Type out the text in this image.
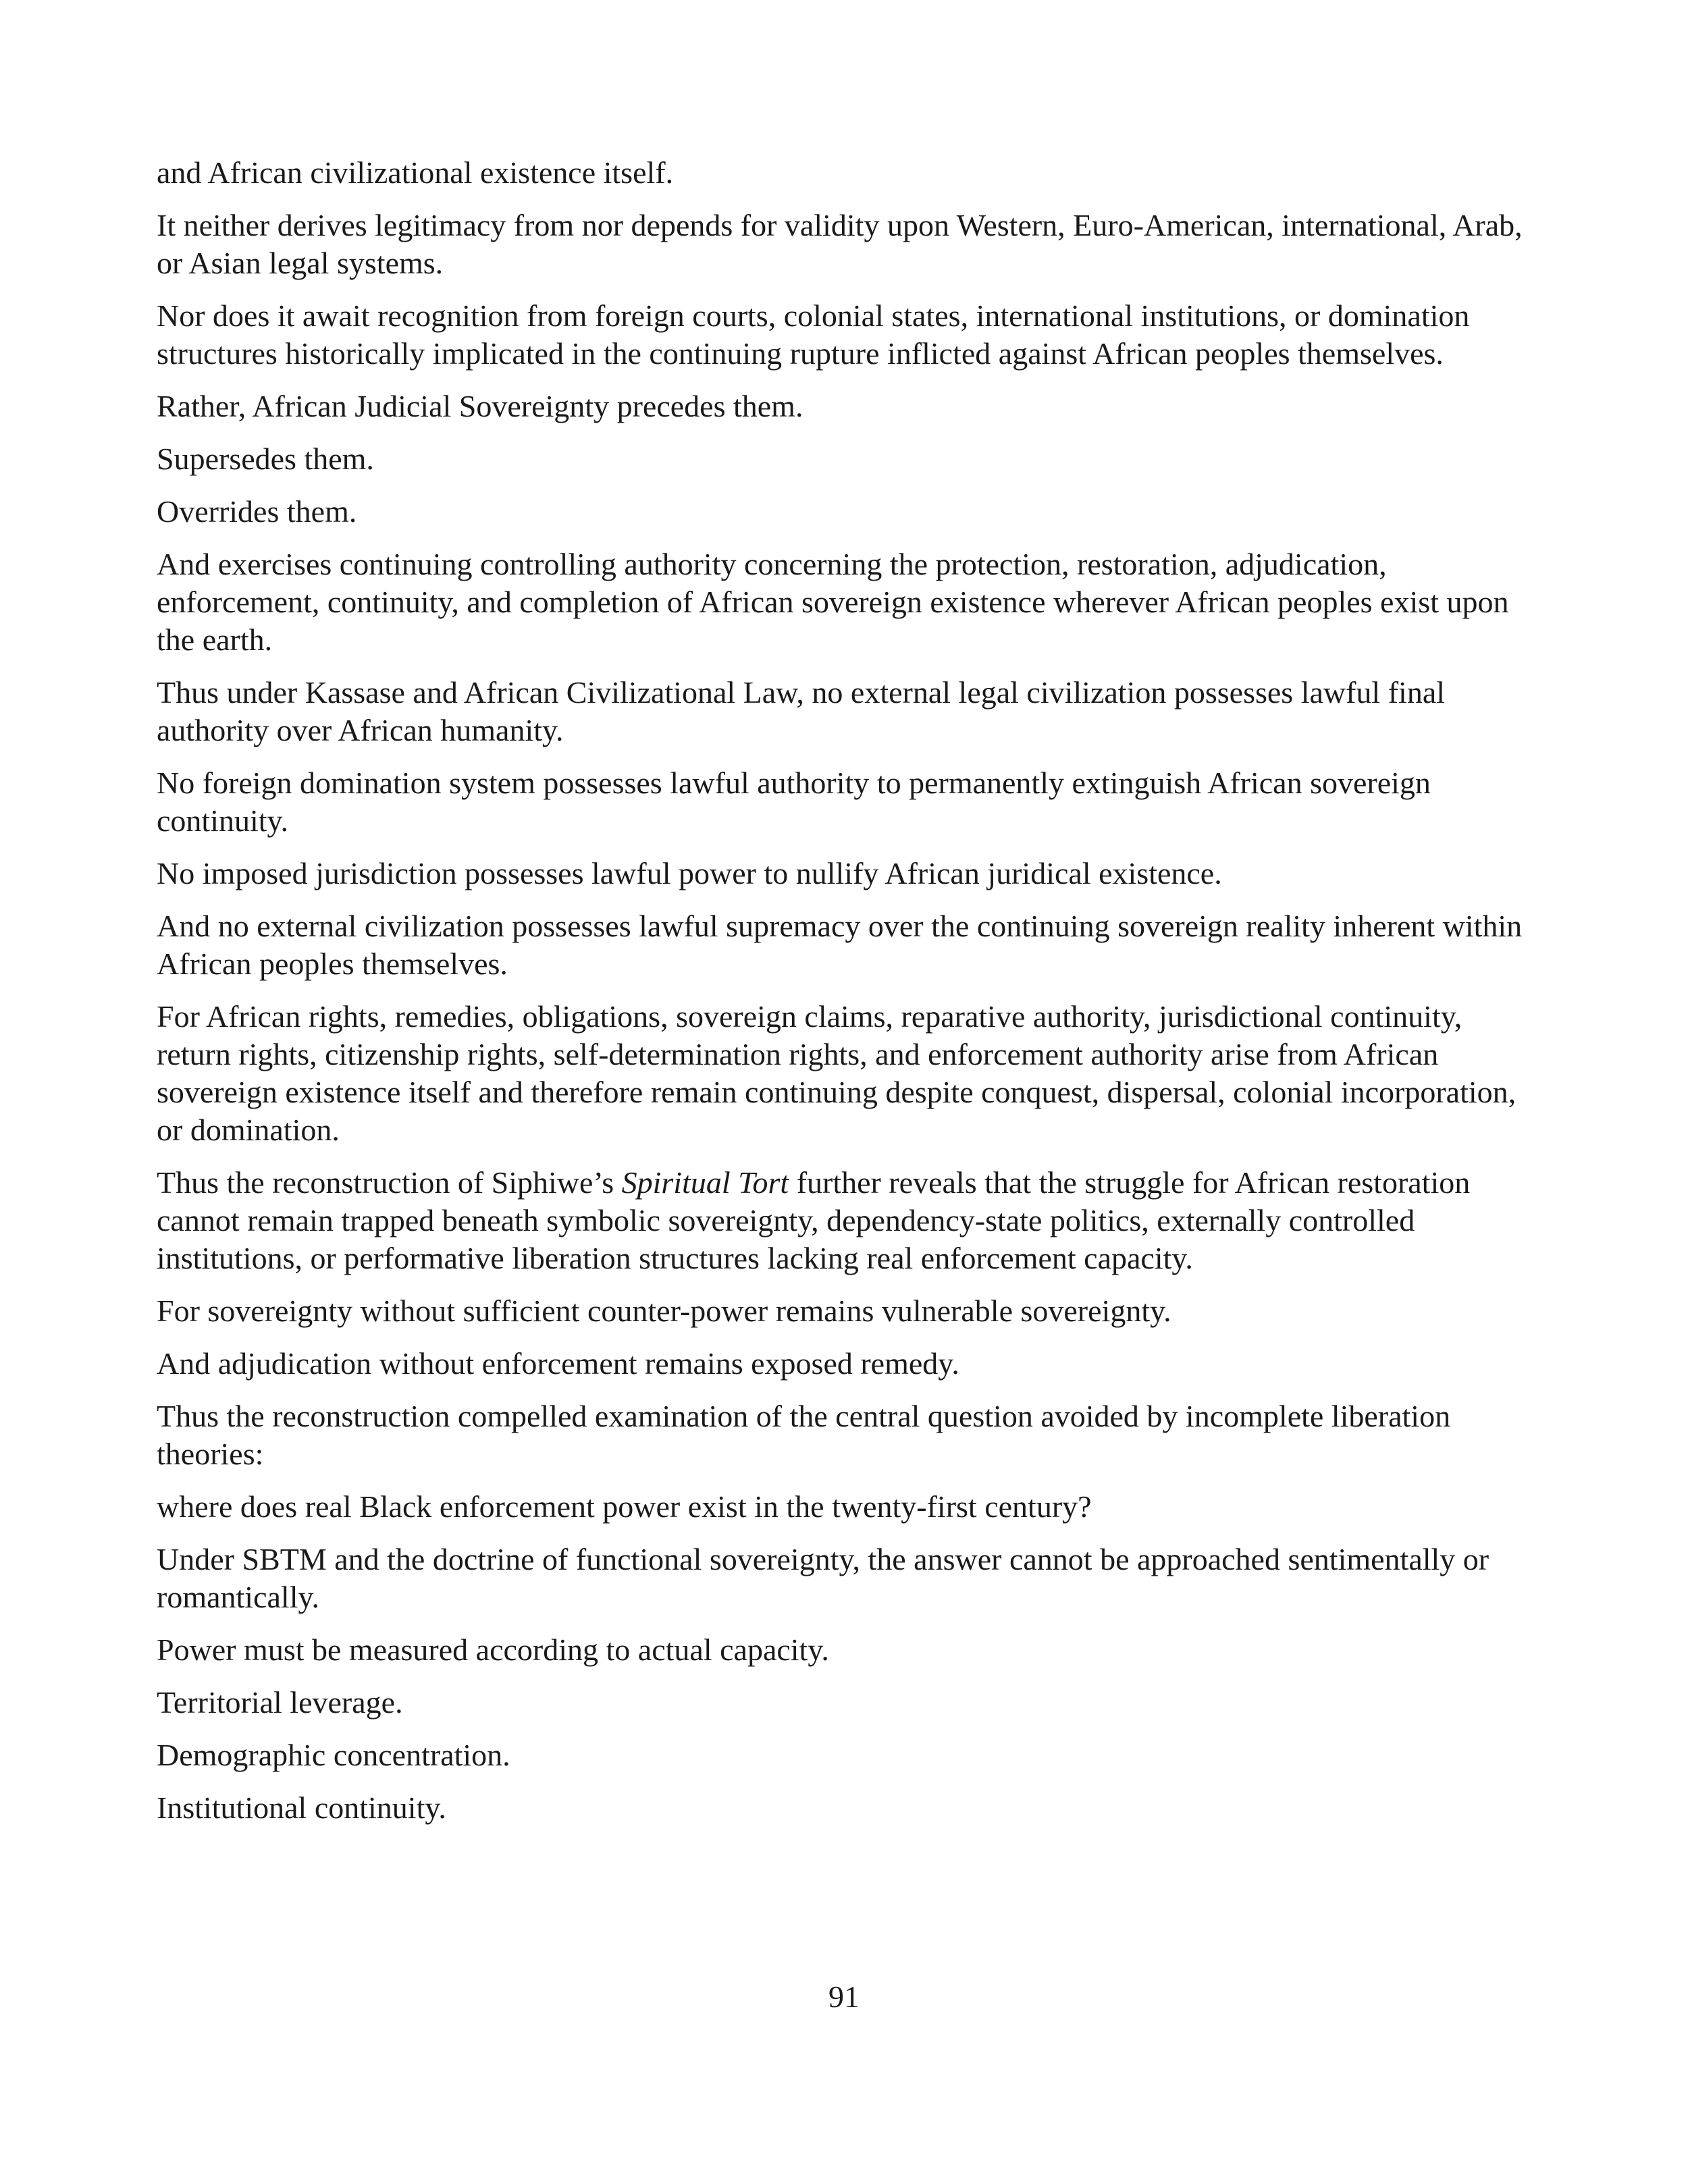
and African civilizational existence itself.

It neither derives legitimacy from nor depends for validity upon Western, Euro-American, international, Arab, or Asian legal systems.

Nor does it await recognition from foreign courts, colonial states, international institutions, or domination structures historically implicated in the continuing rupture inflicted against African peoples themselves.

Rather, African Judicial Sovereignty precedes them.

Supersedes them.

Overrides them.

And exercises continuing controlling authority concerning the protection, restoration, adjudication, enforcement, continuity, and completion of African sovereign existence wherever African peoples exist upon the earth.

Thus under Kassase and African Civilizational Law, no external legal civilization possesses lawful final authority over African humanity.

No foreign domination system possesses lawful authority to permanently extinguish African sovereign continuity.

No imposed jurisdiction possesses lawful power to nullify African juridical existence.

And no external civilization possesses lawful supremacy over the continuing sovereign reality inherent within African peoples themselves.

For African rights, remedies, obligations, sovereign claims, reparative authority, jurisdictional continuity, return rights, citizenship rights, self-determination rights, and enforcement authority arise from African sovereign existence itself and therefore remain continuing despite conquest, dispersal, colonial incorporation, or domination.

Thus the reconstruction of Siphiwe’s Spiritual Tort further reveals that the struggle for African restoration cannot remain trapped beneath symbolic sovereignty, dependency-state politics, externally controlled institutions, or performative liberation structures lacking real enforcement capacity.

For sovereignty without sufficient counter-power remains vulnerable sovereignty.

And adjudication without enforcement remains exposed remedy.

Thus the reconstruction compelled examination of the central question avoided by incomplete liberation theories:

where does real Black enforcement power exist in the twenty-first century?

Under SBTM and the doctrine of functional sovereignty, the answer cannot be approached sentimentally or romantically.

Power must be measured according to actual capacity.

Territorial leverage.

Demographic concentration.

Institutional continuity.

91
